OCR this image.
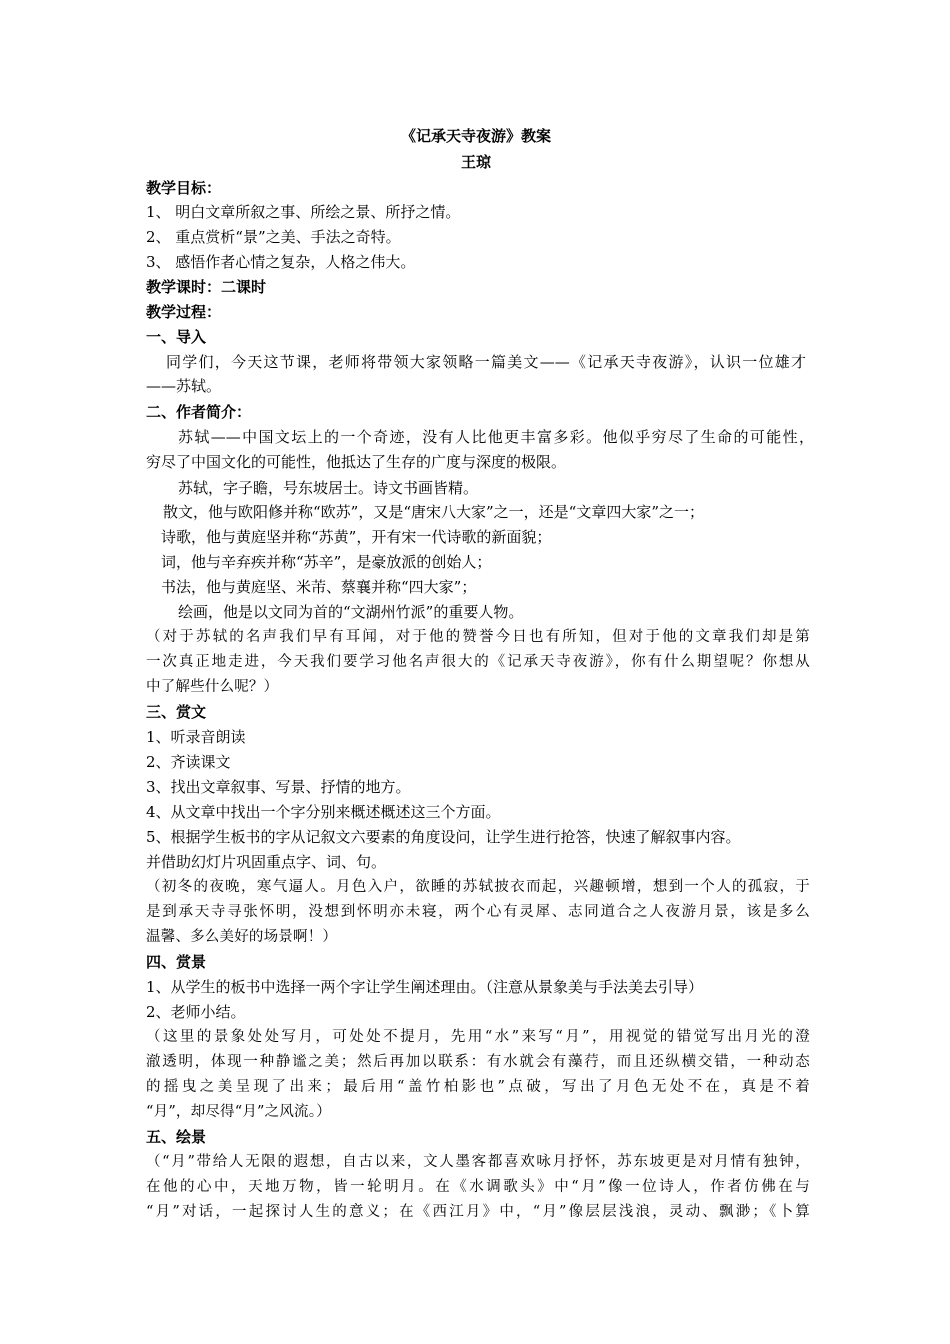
《记承天寺夜游》教案
王琼
教学目标：
1、 明白文章所叙之事、所绘之景、所抒之情。
2、 重点赏析“景”之美、手法之奇特。
3、 感悟作者心情之复杂，人格之伟大。
教学课时：二课时
教学过程：
一、导入
同学们，今天这节课，老师将带领大家领略一篇美文——《记承天寺夜游》，认识一位雄才
——苏轼。
二、作者简介：
苏轼——中国文坛上的一个奇迹，没有人比他更丰富多彩。他似乎穷尽了生命的可能性，
穷尽了中国文化的可能性，他抵达了生存的广度与深度的极限。
苏轼，字子瞻，号东坡居士。诗文书画皆精。
散文，他与欧阳修并称“欧苏”，又是“唐宋八大家”之一，还是“文章四大家”之一；
诗歌，他与黄庭坚并称“苏黄”，开有宋一代诗歌的新面貌；
词，他与辛弃疾并称“苏辛”，是豪放派的创始人；
书法，他与黄庭坚、米芾、蔡襄并称“四大家”；
绘画，他是以文同为首的“文湖州竹派”的重要人物。
（对于苏轼的名声我们早有耳闻，对于他的赞誉今日也有所知，但对于他的文章我们却是第
一次真正地走进，今天我们要学习他名声很大的《记承天寺夜游》，你有什么期望呢？你想从
中了解些什么呢？）
三、赏文
1、听录音朗读
2、齐读课文
3、找出文章叙事、写景、抒情的地方。
4、从文章中找出一个字分别来概述概述这三个方面。
5、根据学生板书的字从记叙文六要素的角度设问，让学生进行抢答，快速了解叙事内容。
并借助幻灯片巩固重点字、词、句。
（初冬的夜晚，寒气逼人。月色入户，欲睡的苏轼披衣而起，兴趣顿增，想到一个人的孤寂，于
是到承天寺寻张怀明，没想到怀明亦未寝，两个心有灵犀、志同道合之人夜游月景，该是多么
温馨、多么美好的场景啊！）
四、赏景
1、从学生的板书中选择一两个字让学生阐述理由。（注意从景象美与手法美去引导）
2、老师小结。
（这里的景象处处写月，可处处不提月，先用“水”来写“月”，用视觉的错觉写出月光的澄
澈透明，体现一种静谧之美；然后再加以联系：有水就会有藻荇，而且还纵横交错，一种动态
的摇曳之美呈现了出来；最后用“盖竹柏影也”点破，写出了月色无处不在，真是不着
“月”，却尽得“月”之风流。）
五、绘景
（“月”带给人无限的遐想，自古以来，文人墨客都喜欢咏月抒怀，苏东坡更是对月情有独钟，
在他的心中，天地万物，皆一轮明月。在《水调歌头》中“月”像一位诗人，作者仿佛在与
“月”对话，一起探讨人生的意义；在《西江月》中，“月”像层层浅浪，灵动、飘渺；《卜算
